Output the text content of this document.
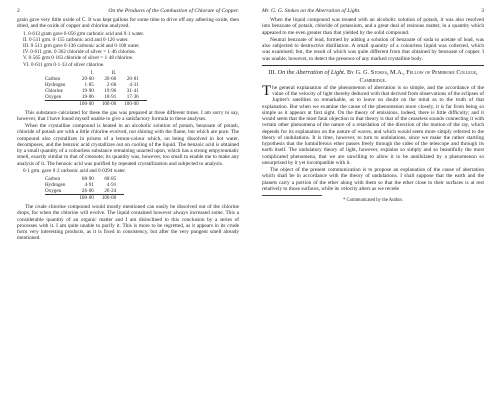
2	On the Products of the Combustion of Chlorate of Copper.

grain gave very little oxide of C. It was kept gallons for some time to drive off any adhering oxide, then dried, and the oxide of copper and chlorine analyzed.

1. 0·613 gram gave 0·056 grm carbonic acid and 0·1 water.
II. 0·511 grm. 0·155 carbonic acid and 0·126 water.
III. 0·511 grm gave 0·136 carbonic acid and 0·108 water.
IV. 0·611 grm. 0·362 chloride of silver = 1·46 chlorine.
V. 0·565 grm 0·163 chloride of silver = 1·48 chlorine.
VI. 0·611 grm 0·1·33 of silver chlorine.
	I.	II.	
Carbon	20·60	20·66	20·81
Hydrogen	1·85	2·66	4·31
Chlorine	19·90	19·96	31·41
Oxygen	19·06	18·91	17·36
	100·00	100·00	100·00

This substance calculated for these the gas was prepared at three different times. I am sorry to say, however, that I have found myself unable to give a satisfactory formula to these analyses.

When the crystalline compound is heated in an alcoholic solution of potash, benzoate of potash, chloride of potash are with a little chlorine evolved, not shining with the flame, but which are pure. The compound also crystallizes in prisms of a lemon-colour which, on being dissolved in hot water, decomposes, and the benzoic acid crystallizes out on cooling of the liquid. The benzoic acid is obtained by a small quantity of a colourless substance remaining unacted upon, which has a strong empyreumatic smell, exactly similar to that of creosote; its quantity was, however, too small to enable me to make any analysis of it. The benzoic acid was purified by repeated crystallization and subjected to analysis.

0·1 grm. gave 0·2 carbonic acid and 0·0394 water.
Carbon	68·90	68·85
Hydrogen	4·91	4·91
Oxygen	26·06	26·24
	100·00	100·00

The crude chlorine compound would mostly mentioned can easily be dissolved out of the chlorine drops, for when the chlorine will evolve. The liquid contained however always increased some. This a considerable quantity of an organic matter and I am disinclined to this conclusion by a series of processes with it. I am quite unable to purify it. This is more to be regretted, as it appears in its crude form very interesting products, as it is fixed in consistency, but after the very pungent smell already mentioned.

Mr. G. G. Stokes on the Aberration of Light.	3

When the liquid compound was treated with an alcoholic solution of potash, it was also resolved into benzoate of potash, chloride of potassium, and a great deal of resinous matter, in a quantity which appeared to me even greater than that yielded by the solid compound.

Neutral benzoate of lead, formed by adding a solution of benzoate of soda to acetate of lead, was also subjected to destructive distillation. A small quantity of a colourless liquid was collected, which was examined; but, the result of which was quite different from that obtained by benzoate of copper. I was unable, however, to detect the presence of any marked crystalline body.

III. On the Aberration of Light. By G. G. Stokes, M.A., Fellow of Pembroke College, Cambridge.

The general explanation of the phenomenon of aberration is so simple, and the accordance of the value of the velocity of light thereby deduced with that derived from observations of the eclipses of Jupiter's satellites so remarkable, as to leave no doubt on the mind as to the truth of that explanation. But when we examine the cause of the phenomenon more closely, it is far from being so simple as it appears at first sight. On the theory of emissions, indeed, there is little difficulty; and it would seem that the most fatal objection to that theory is that of the ceaseless sounds connecting it with certain other phenomena of the nature of a retardation of the direction of the motion of the ray, which depends for its explanation on the nature of waves, and which would seem more simply referred to the theory of undulations. It is time, however, to turn to undulations, since we make the rather startling hypothesis that the luminiferous ether passes freely through the sides of the telescope and through its earth itself. The undulatory theory of light, however, explains so simply and so beautifully the most complicated phenomena, that we are unwilling to allow it to be annihilated by a phenomenon so unsurprised by it yet incompatible with it.

The object of the present communication is to propose an explanation of the cause of aberration which shall be in accordance with the theory of undulations. I shall suppose that the earth and the planets carry a portion of the ether along with them so that the ether close to their surfaces is at rest relatively to those surfaces, while its velocity alters as we recede

* Communicated by the Author.
